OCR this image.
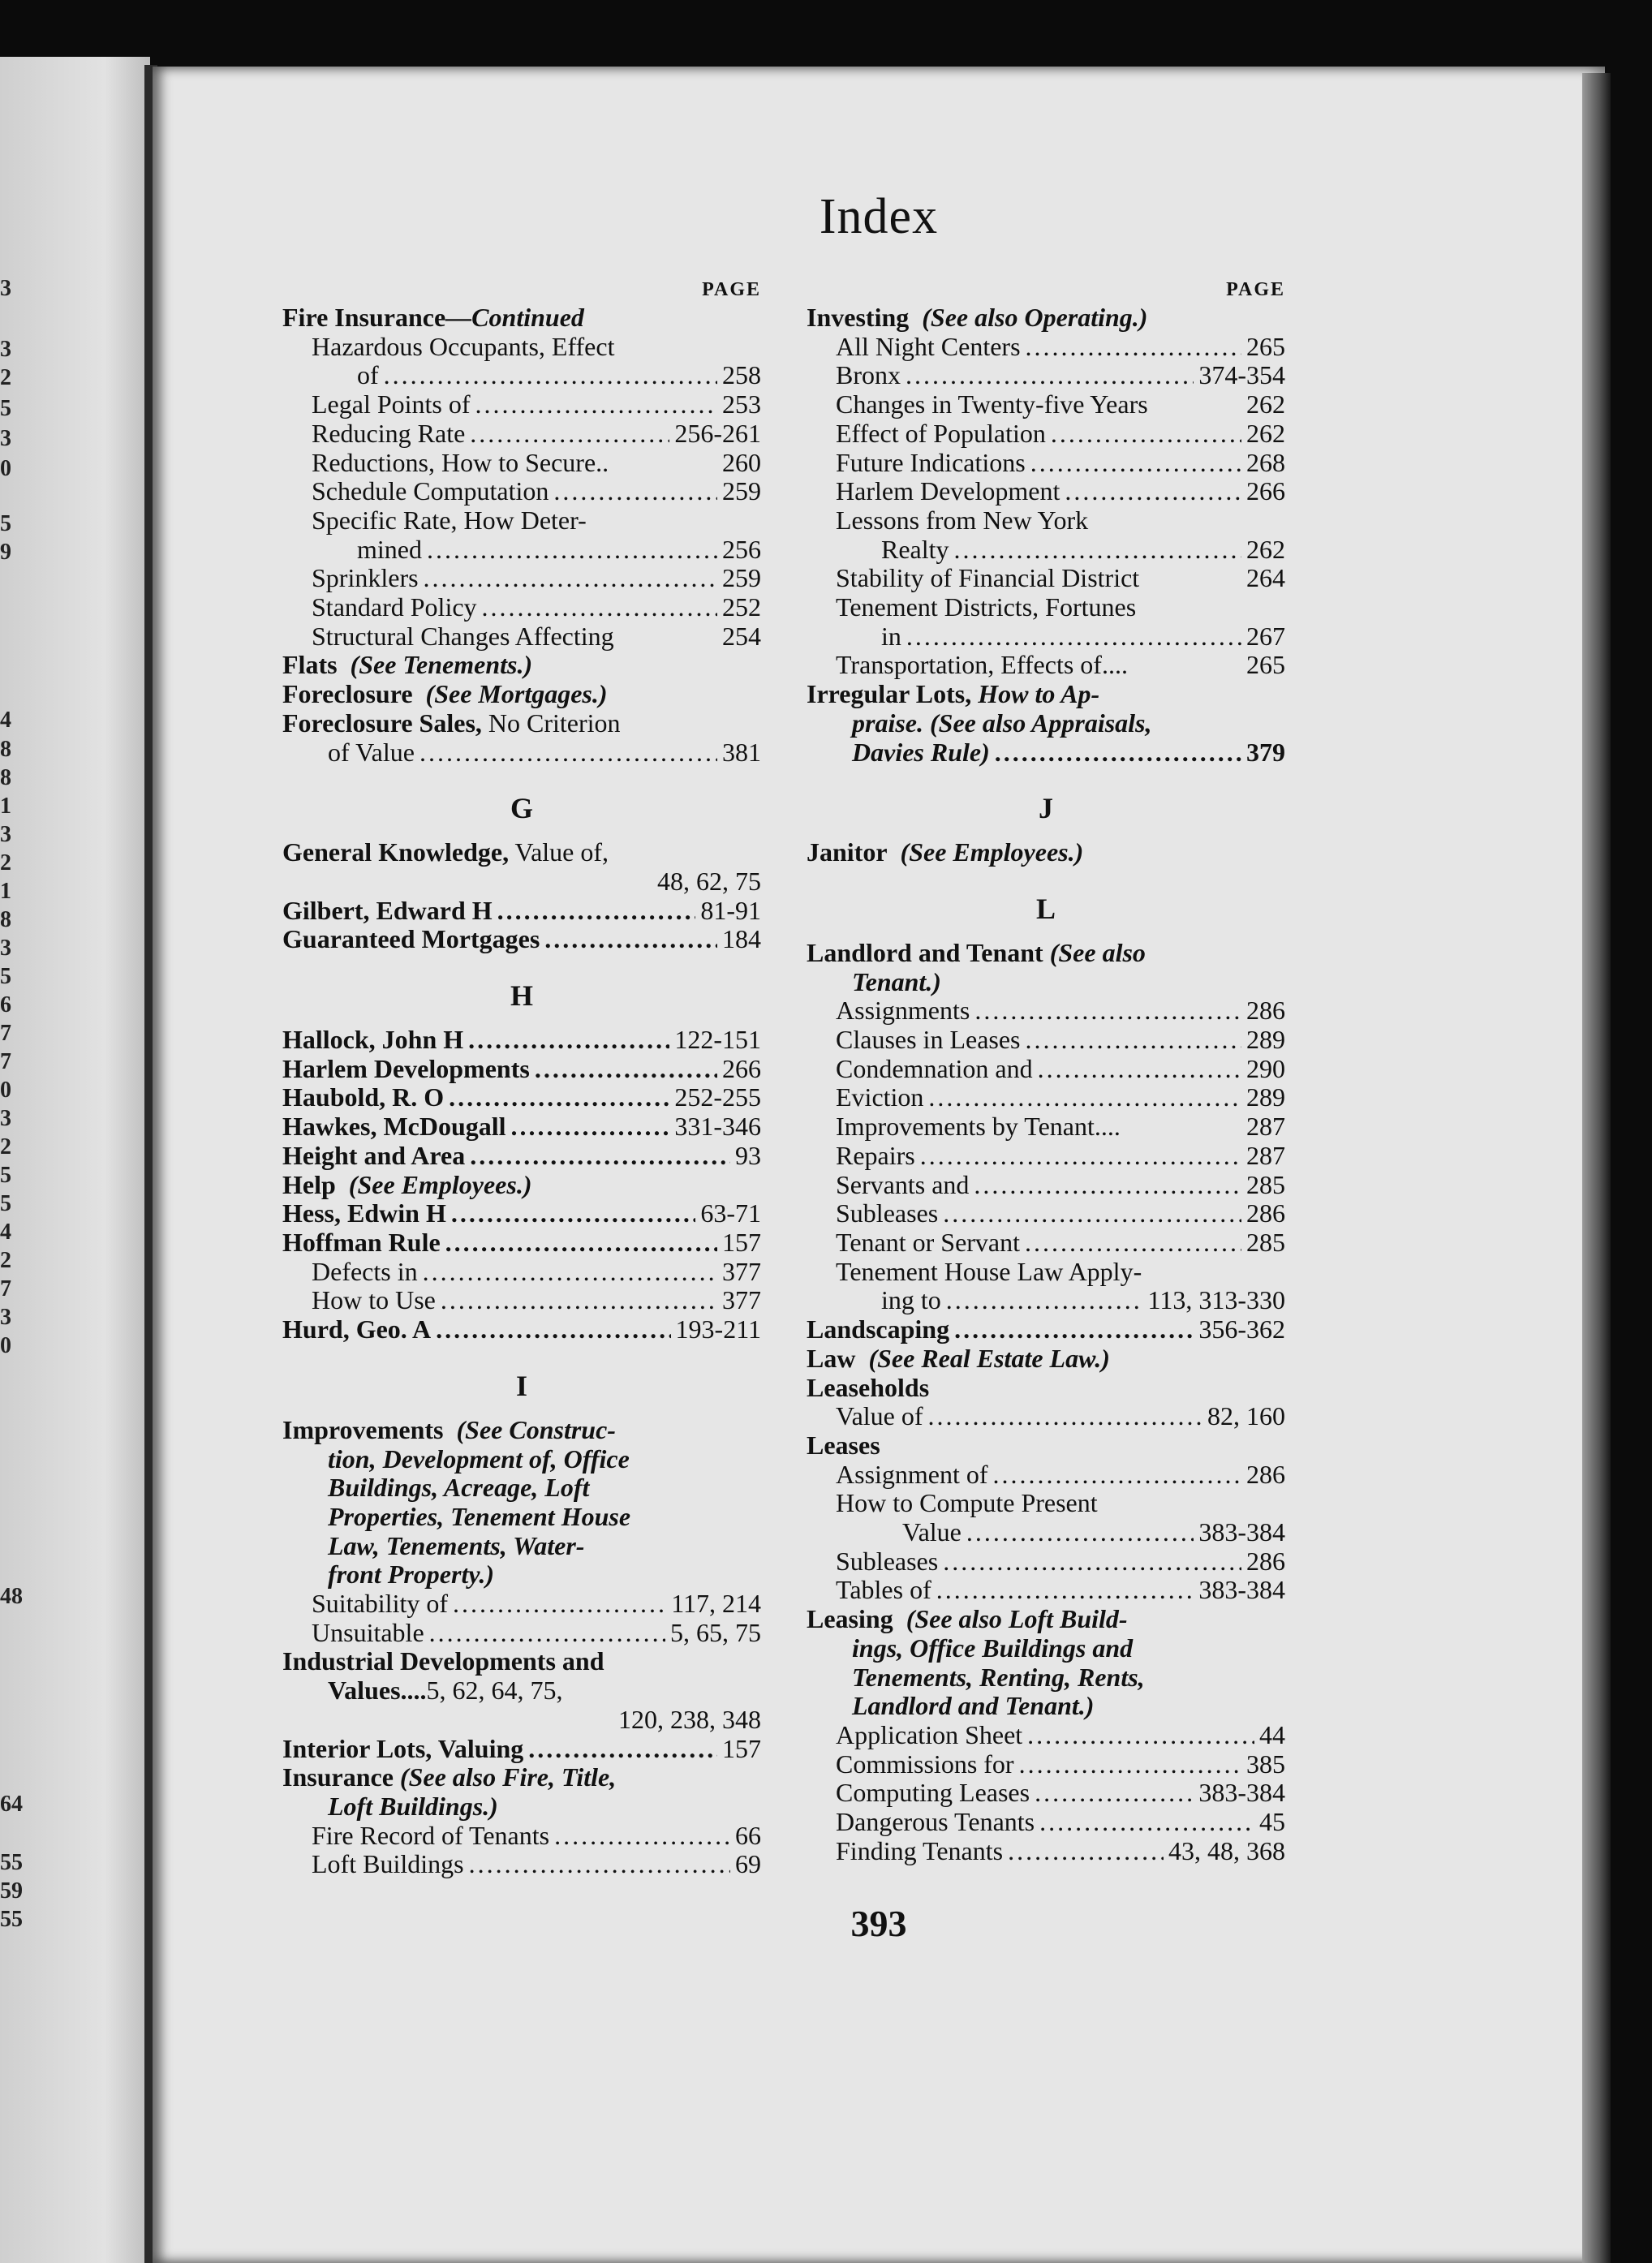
3
3
2
5
3
0
5
9
4
8
8
1
3
2
1
8
3
5
6
7
7
0
3
2
5
5
4
2
7
3
0
48
64
55
59
55
Index
PAGE
Fire Insurance—Continued
Hazardous Occupants, Effect
of .....	258
Legal Points of .....	253
Reducing Rate .....	256-261
Reductions, How to Secure..	260
Schedule Computation .....	259
Specific Rate, How Deter-
mined .....	256
Sprinklers .....	259
Standard Policy .....	252
Structural Changes Affecting	254
Flats (See Tenements.)
Foreclosure (See Mortgages.)
Foreclosure Sales, No Criterion
of Value .....	381
G
General Knowledge, Value of,
48, 62, 75
Gilbert, Edward H .....	81-91
Guaranteed Mortgages .....	184
H
Hallock, John H .....	122-151
Harlem Developments .....	266
Haubold, R. O .....	252-255
Hawkes, McDougall .....	331-346
Height and Area .....	93
Help (See Employees.)
Hess, Edwin H .....	63-71
Hoffman Rule .....	157
Defects in .....	377
How to Use .....	377
Hurd, Geo. A .....	193-211
I
Improvements (See Construc-
tion, Development of, Office
Buildings, Acreage, Loft
Properties, Tenement House
Law, Tenements, Water-
front Property.)
Suitability of .....	117, 214
Unsuitable .....	5, 65, 75
Industrial Developments and
Values....5, 62, 64, 75,
120, 238, 348
Interior Lots, Valuing .....	157
Insurance (See also Fire, Title,
Loft Buildings.)
Fire Record of Tenants .....	66
Loft Buildings .....	69
PAGE
Investing (See also Operating.)
All Night Centers .....	265
Bronx .....	374-354
Changes in Twenty-five Years	262
Effect of Population .....	262
Future Indications .....	268
Harlem Development .....	266
Lessons from New York
Realty .....	262
Stability of Financial District	264
Tenement Districts, Fortunes
in .....	267
Transportation, Effects of....	265
Irregular Lots, How to Ap-
praise. (See also Appraisals,
Davies Rule) .....	379
J
Janitor (See Employees.)
L
Landlord and Tenant (See also
Tenant.)
Assignments .....	286
Clauses in Leases .....	289
Condemnation and .....	290
Eviction .....	289
Improvements by Tenant....	287
Repairs .....	287
Servants and .....	285
Subleases .....	286
Tenant or Servant .....	285
Tenement House Law Apply-
ing to .....	113, 313-330
Landscaping .....	356-362
Law (See Real Estate Law.)
Leaseholds
Value of .....	82, 160
Leases
Assignment of .....	286
How to Compute Present
Value .....	383-384
Subleases .....	286
Tables of .....	383-384
Leasing (See also Loft Build-
ings, Office Buildings and
Tenements, Renting, Rents,
Landlord and Tenant.)
Application Sheet .....	44
Commissions for .....	385
Computing Leases .....	383-384
Dangerous Tenants .....	45
Finding Tenants .....	43, 48, 368
393
